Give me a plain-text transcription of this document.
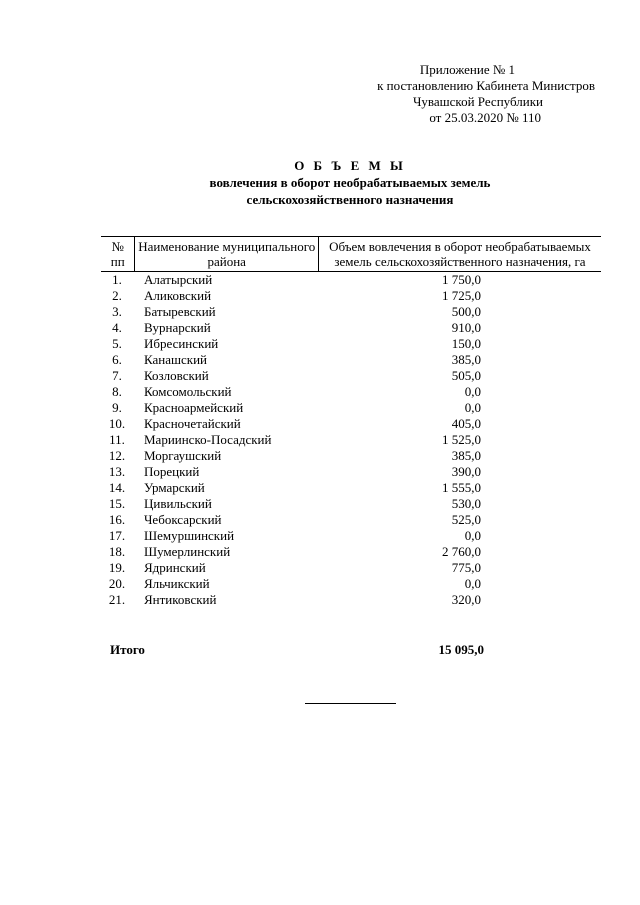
Приложение № 1
к постановлению Кабинета Министров
Чувашской Республики
от 25.03.2020 № 110
О Б Ъ Е М Ы
вовлечения в оборот необрабатываемых земель
сельскохозяйственного назначения
№ пп	Наименование муниципального района	Объем вовлечения в оборот необрабатываемых земель сельскохозяйственного назначения, га
1.	Алатырский	1 750,0
2.	Аликовский	1 725,0
3.	Батыревский	500,0
4.	Вурнарский	910,0
5.	Ибресинский	150,0
6.	Канашский	385,0
7.	Козловский	505,0
8.	Комсомольский	0,0
9.	Красноармейский	0,0
10.	Красночетайский	405,0
11.	Мариинско-Посадский	1 525,0
12.	Моргаушский	385,0
13.	Порецкий	390,0
14.	Урмарский	1 555,0
15.	Цивильский	530,0
16.	Чебоксарский	525,0
17.	Шемуршинский	0,0
18.	Шумерлинский	2 760,0
19.	Ядринский	775,0
20.	Яльчикский	0,0
21.	Янтиковский	320,0
Итого	15 095,0
